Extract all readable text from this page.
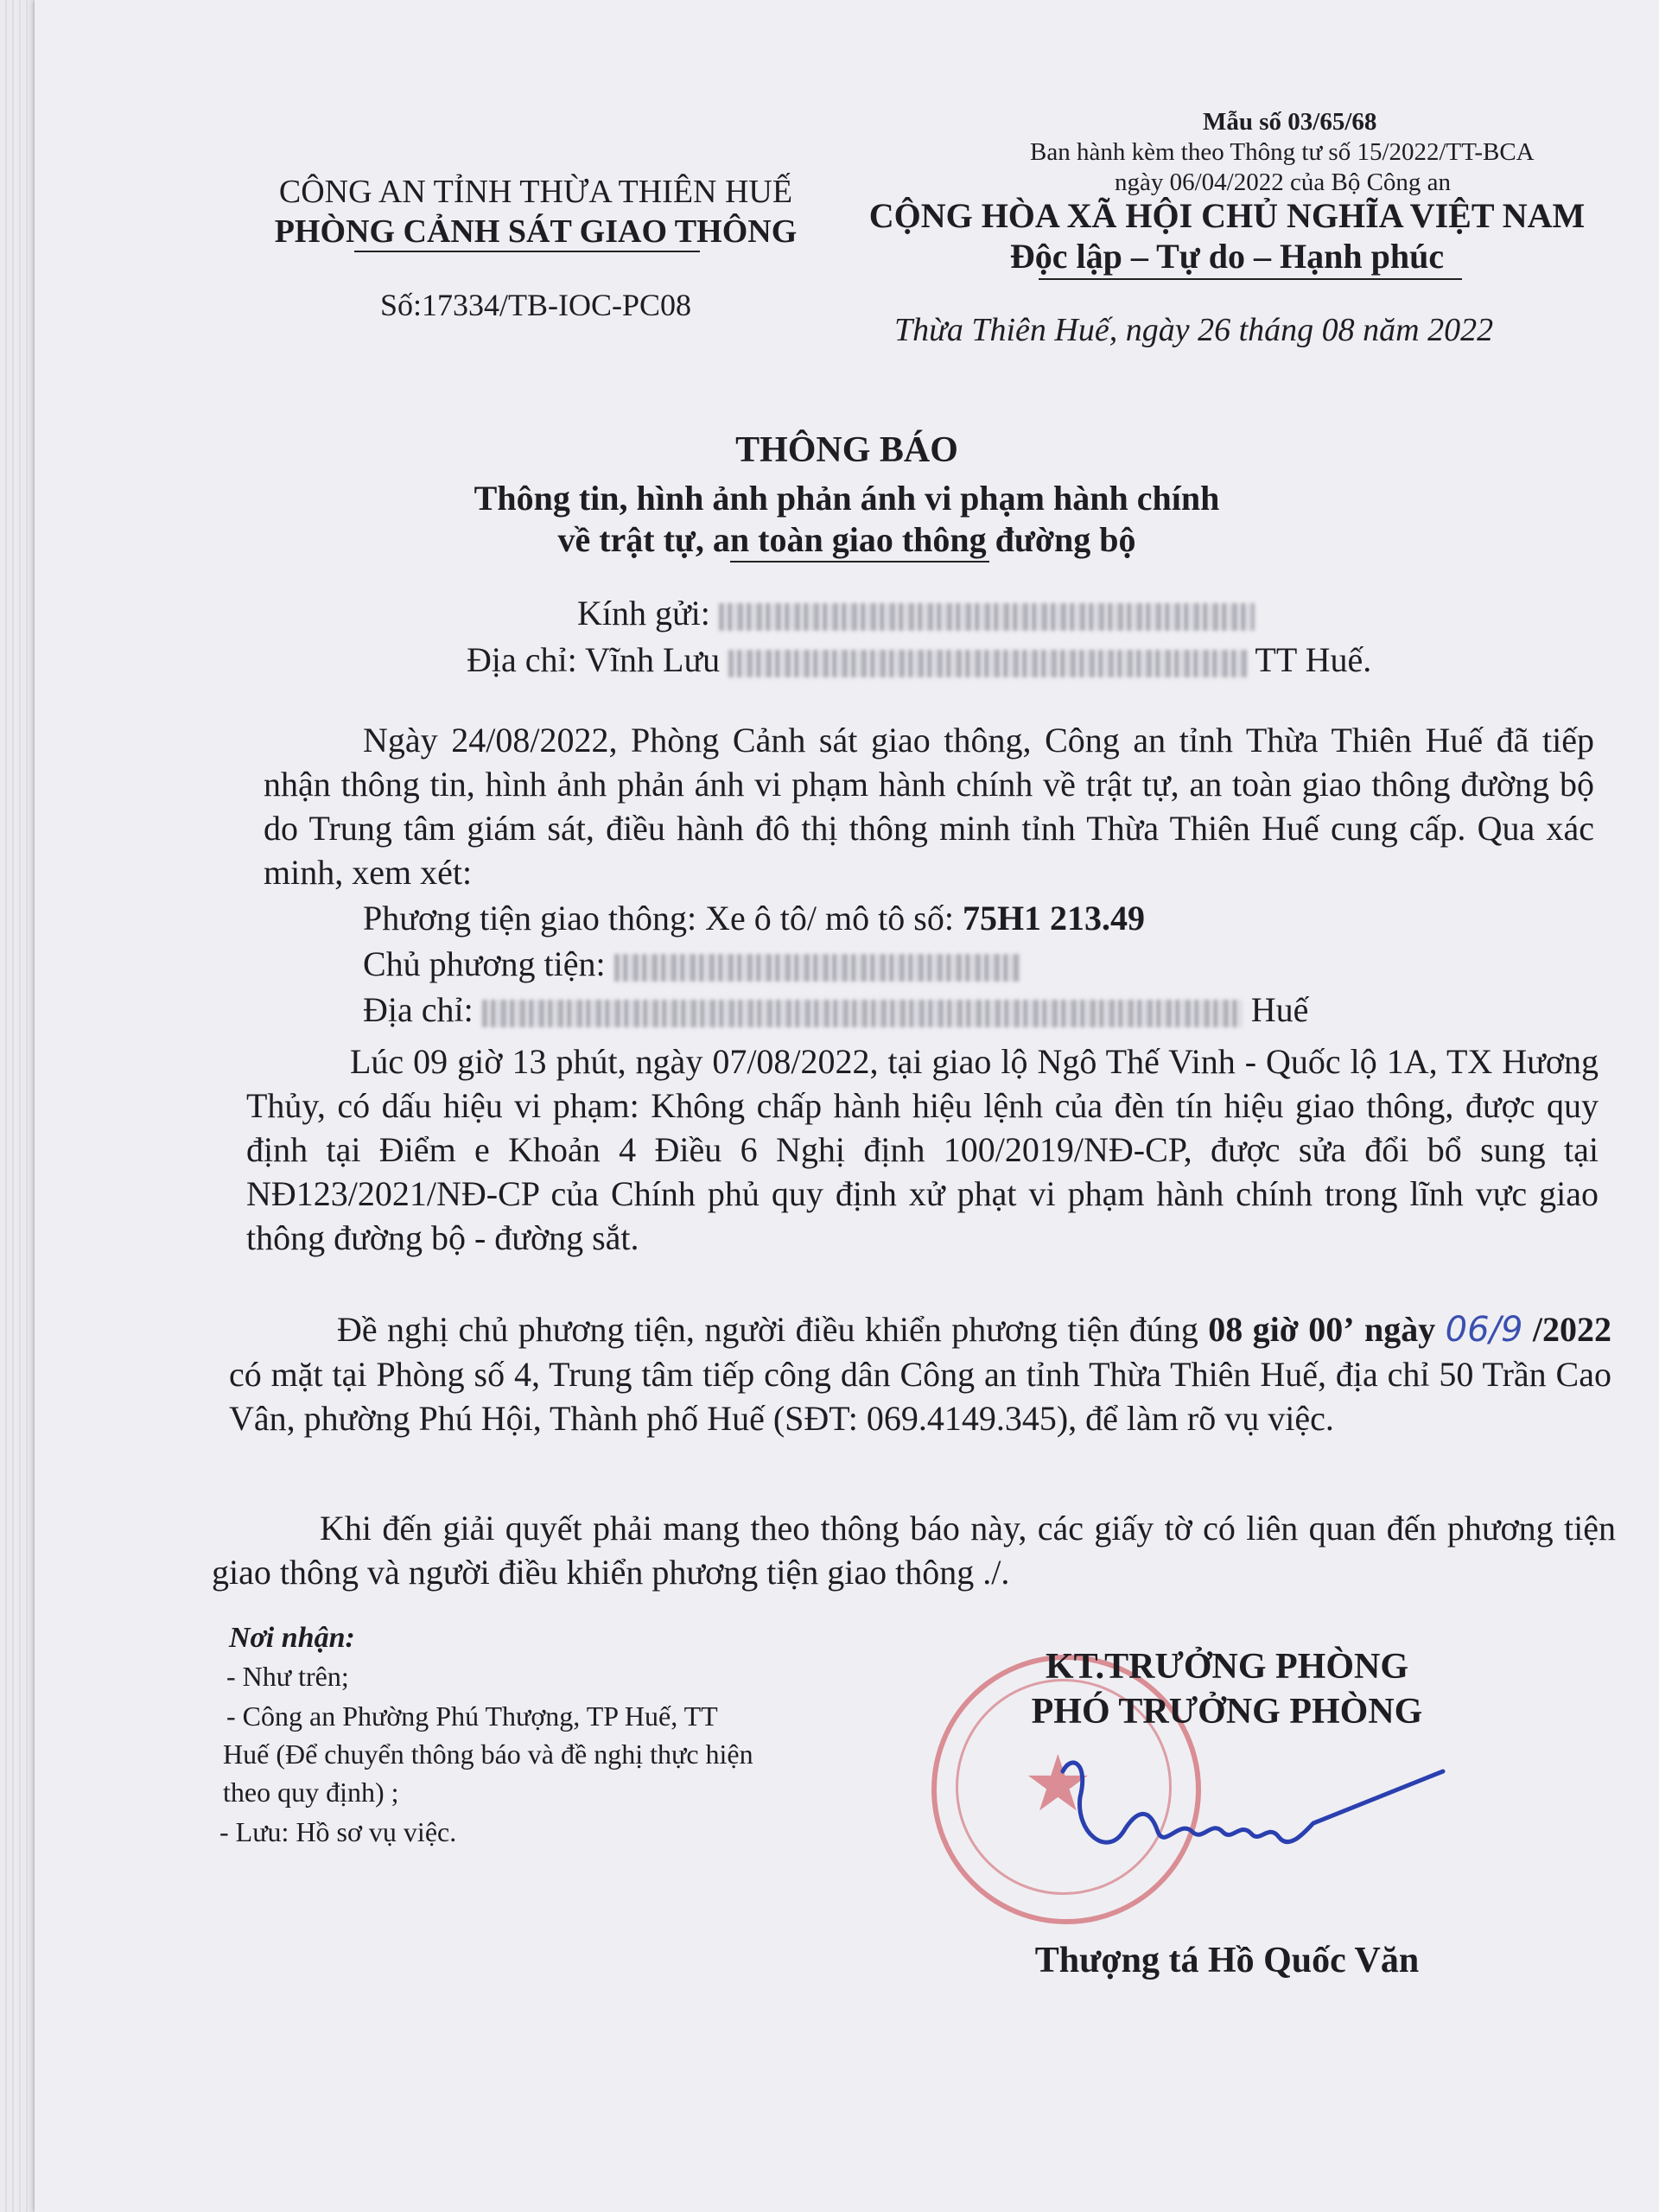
Mẫu số 03/65/68
Ban hành kèm theo Thông tư số 15/2022/TT-BCA
ngày 06/04/2022 của Bộ Công an
CÔNG AN TỈNH THỪA THIÊN HUẾ
PHÒNG CẢNH SÁT GIAO THÔNG
Số:17334/TB-IOC-PC08
CỘNG HÒA XÃ HỘI CHỦ NGHĨA VIỆT NAM
Độc lập – Tự do – Hạnh phúc
Thừa Thiên Huế, ngày 26 tháng 08 năm 2022
THÔNG BÁO
Thông tin, hình ảnh phản ánh vi phạm hành chính
về trật tự, an toàn giao thông đường bộ
Kính gửi:
Địa chỉ: Vĩnh Lưu	TT Huế.
Ngày 24/08/2022, Phòng Cảnh sát giao thông, Công an tỉnh Thừa Thiên Huế đã tiếp nhận thông tin, hình ảnh phản ánh vi phạm hành chính về trật tự, an toàn giao thông đường bộ do Trung tâm giám sát, điều hành đô thị thông minh tỉnh Thừa Thiên Huế cung cấp. Qua xác minh, xem xét:
Phương tiện giao thông: Xe ô tô/ mô tô số: 75H1 213.49
Chủ phương tiện:
Địa chỉ:	Huế
Lúc 09 giờ 13 phút, ngày 07/08/2022, tại giao lộ Ngô Thế Vinh - Quốc lộ 1A, TX Hương Thủy, có dấu hiệu vi phạm: Không chấp hành hiệu lệnh của đèn tín hiệu giao thông, được quy định tại Điểm e Khoản 4 Điều 6 Nghị định 100/2019/NĐ-CP, được sửa đổi bổ sung tại NĐ123/2021/NĐ-CP của Chính phủ quy định xử phạt vi phạm hành chính trong lĩnh vực giao thông đường bộ - đường sắt.
Đề nghị chủ phương tiện, người điều khiển phương tiện đúng 08 giờ 00’ ngày 06/9 /2022 có mặt tại Phòng số 4, Trung tâm tiếp công dân Công an tỉnh Thừa Thiên Huế, địa chỉ 50 Trần Cao Vân, phường Phú Hội, Thành phố Huế (SĐT: 069.4149.345), để làm rõ vụ việc.
Khi đến giải quyết phải mang theo thông báo này, các giấy tờ có liên quan đến phương tiện giao thông và người điều khiển phương tiện giao thông ./.
Nơi nhận:
- Như trên;
- Công an Phường Phú Thượng, TP Huế, TT
Huế (Để chuyển thông báo và đề nghị thực hiện
theo quy định) ;
- Lưu: Hồ sơ vụ việc.
★
KT.TRƯỞNG PHÒNG
PHÓ TRƯỞNG PHÒNG
Thượng tá Hồ Quốc Văn
